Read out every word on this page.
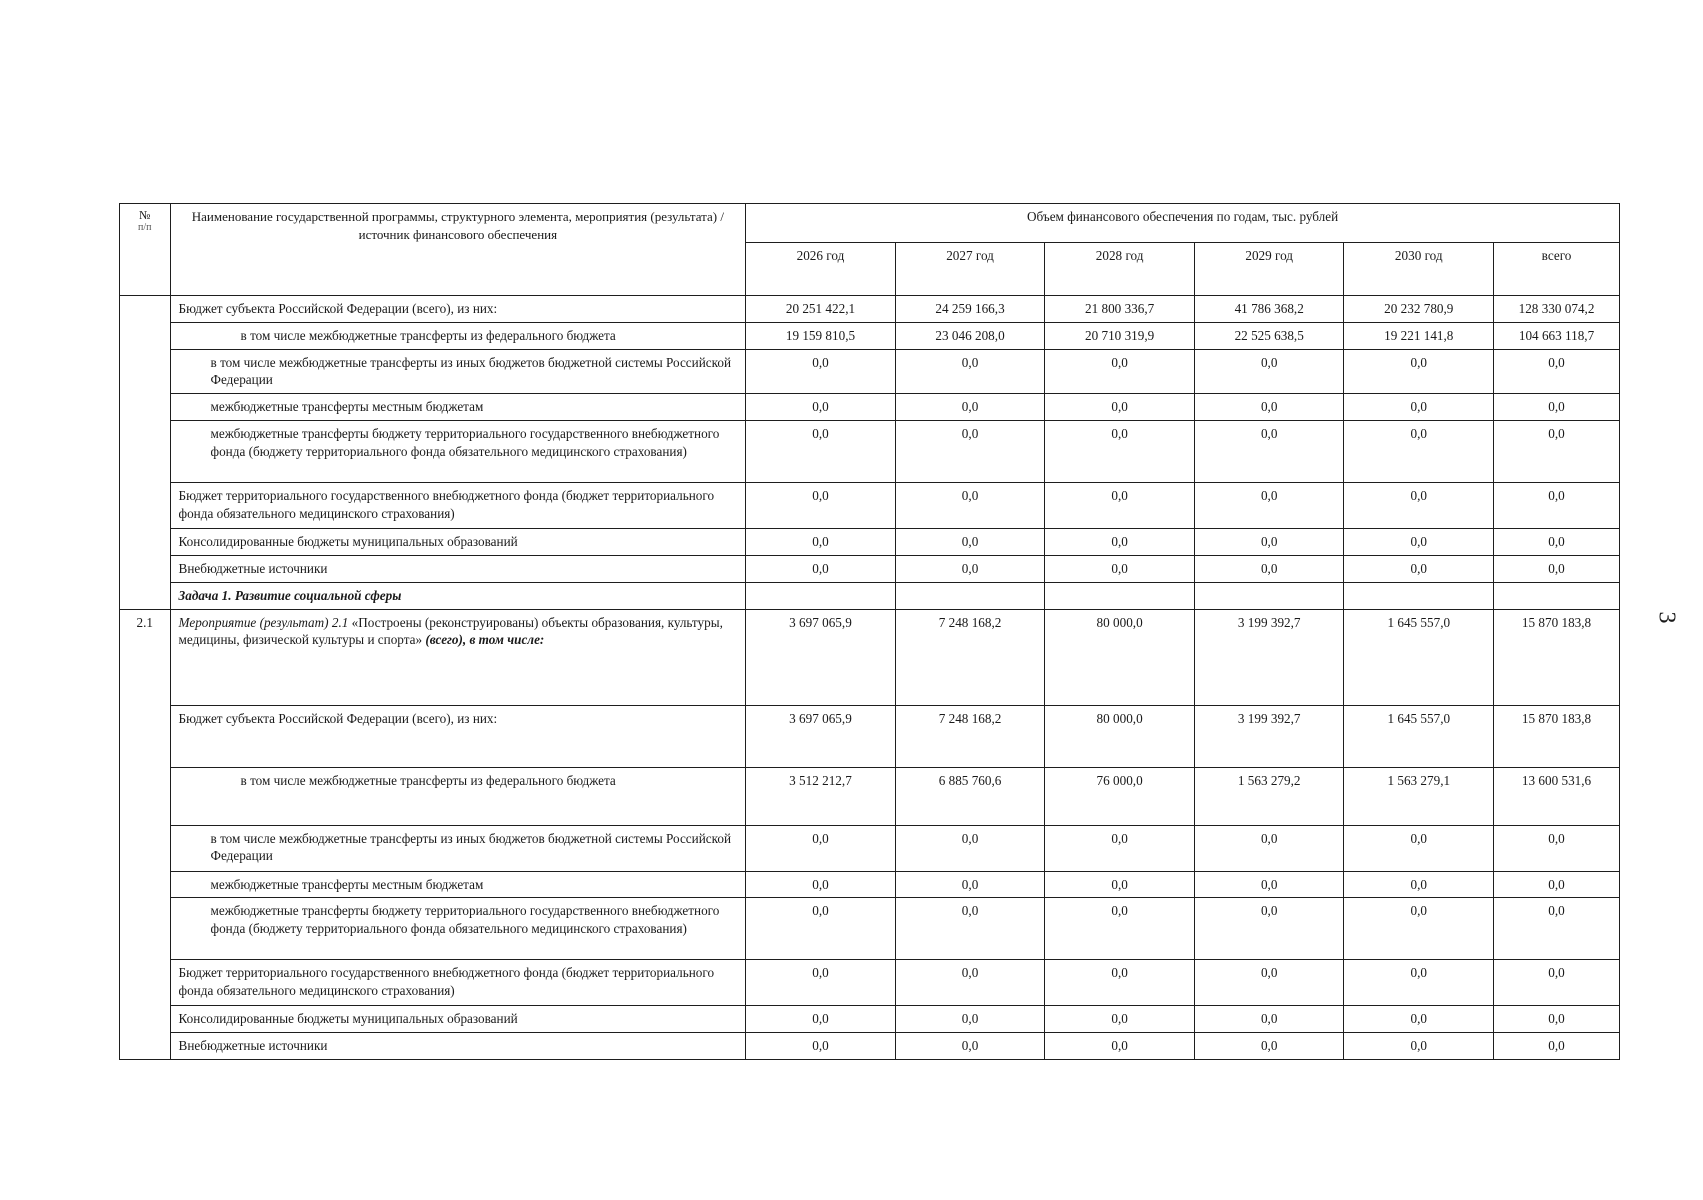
№
п/п	Наименование государственной программы, структурного элемента, мероприятия (результата) / источник финансового обеспечения	Объем финансового обеспечения по годам, тыс. рублей					
		2026 год	2027 год	2028 год	2029 год	2030 год	всего
	Бюджет субъекта Российской Федерации (всего), из них:	20 251 422,1	24 259 166,3	21 800 336,7	41 786 368,2	20 232 780,9	128 330 074,2
	в том числе межбюджетные трансферты из федерального бюджета	19 159 810,5	23 046 208,0	20 710 319,9	22 525 638,5	19 221 141,8	104 663 118,7
	в том числе межбюджетные трансферты из иных бюджетов бюджетной системы Российской Федерации	0,0	0,0	0,0	0,0	0,0	0,0
	межбюджетные трансферты местным бюджетам	0,0	0,0	0,0	0,0	0,0	0,0
	межбюджетные трансферты бюджету территориального государственного внебюджетного фонда (бюджету территориального фонда обязательного медицинского страхования)	0,0	0,0	0,0	0,0	0,0	0,0
	Бюджет территориального государственного внебюджетного фонда (бюджет территориального фонда обязательного медицинского страхования)	0,0	0,0	0,0	0,0	0,0	0,0
	Консолидированные бюджеты муниципальных образований	0,0	0,0	0,0	0,0	0,0	0,0
	Внебюджетные источники	0,0	0,0	0,0	0,0	0,0	0,0
	Задача 1. Развитие социальной сферы						
2.1	Мероприятие (результат) 2.1 «Построены (реконструированы) объекты образования, культуры, медицины, физической культуры и спорта» (всего), в том числе:	3 697 065,9	7 248 168,2	80 000,0	3 199 392,7	1 645 557,0	15 870 183,8
	Бюджет субъекта Российской Федерации (всего), из них:	3 697 065,9	7 248 168,2	80 000,0	3 199 392,7	1 645 557,0	15 870 183,8
	в том числе межбюджетные трансферты из федерального бюджета	3 512 212,7	6 885 760,6	76 000,0	1 563 279,2	1 563 279,1	13 600 531,6
	в том числе межбюджетные трансферты из иных бюджетов бюджетной системы Российской Федерации	0,0	0,0	0,0	0,0	0,0	0,0
	межбюджетные трансферты местным бюджетам	0,0	0,0	0,0	0,0	0,0	0,0
	межбюджетные трансферты бюджету территориального государственного внебюджетного фонда (бюджету территориального фонда обязательного медицинского страхования)	0,0	0,0	0,0	0,0	0,0	0,0
	Бюджет территориального государственного внебюджетного фонда (бюджет территориального фонда обязательного медицинского страхования)	0,0	0,0	0,0	0,0	0,0	0,0
	Консолидированные бюджеты муниципальных образований	0,0	0,0	0,0	0,0	0,0	0,0
	Внебюджетные источники	0,0	0,0	0,0	0,0	0,0	0,0
3
